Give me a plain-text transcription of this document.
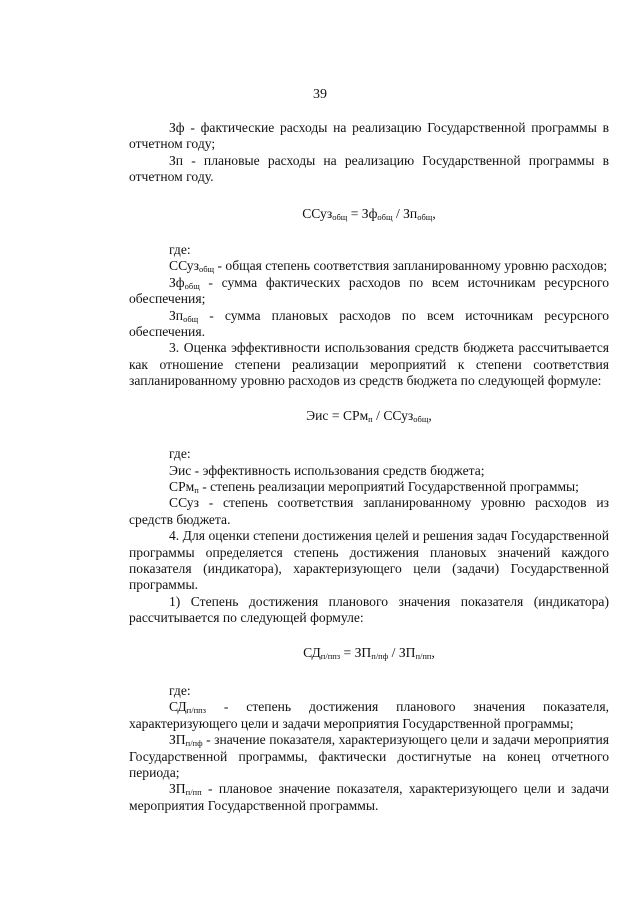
39

Зф - фактические расходы на реализацию Государственной программы в отчетном году;

Зп - плановые расходы на реализацию Государственной программы в отчетном году.

ССуз$_{общ}$ = $Зф_{общ} / Зп_{общ}$,

где:

ССуз$_{общ}$ - общая степень соответствия запланированному уровню расходов;

$Зф_{общ}$ - сумма фактических расходов по всем источникам ресурсного обеспечения;

$Зп_{общ}$ - сумма плановых расходов по всем источникам ресурсного обеспечения.

3. Оценка эффективности использования средств бюджета рассчитывается как отношение степени реализации мероприятий к степени соответствия запланированному уровню расходов из средств бюджета по следующей формуле:

Эис = СРм$_п$ / ССуз$_{общ}$,

где:

Эис - эффективность использования средств бюджета;

СРм$_п$ - степень реализации мероприятий Государственной программы;

ССуз - степень соответствия запланированному уровню расходов из средств бюджета.

4. Для оценки степени достижения целей и решения задач Государственной программы определяется степень достижения плановых значений каждого показателя (индикатора), характеризующего цели (задачи) Государственной программы.

1) Степень достижения планового значения показателя (индикатора) рассчитывается по следующей формуле:

$СД_{п/ппз} = ЗП_{п/пф} / ЗП_{п/пп}$,

где:

$СД_{п/ппз}$ - степень достижения планового значения показателя, характеризующего цели и задачи мероприятия Государственной программы;

$ЗП_{п/пф}$ - значение показателя, характеризующего цели и задачи мероприятия Государственной программы, фактически достигнутые на конец отчетного периода;

$ЗП_{п/пп}$ - плановое значение показателя, характеризующего цели и задачи мероприятия Государственной программы.
